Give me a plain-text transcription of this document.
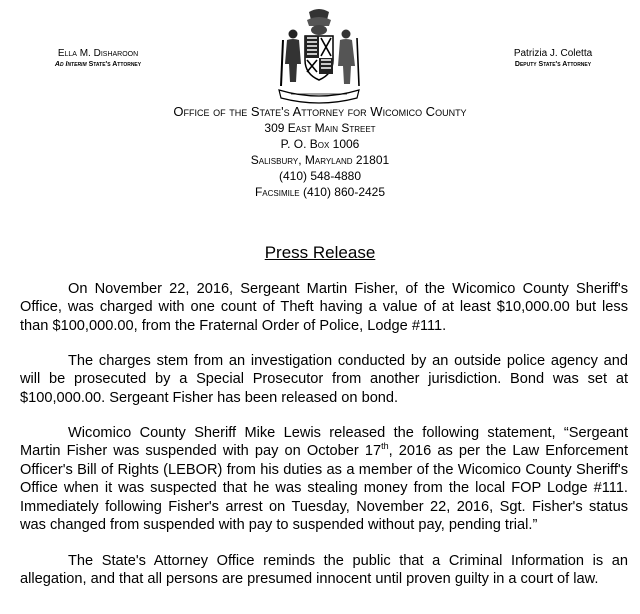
Ella M. Disharoon
Ad Interim State's Attorney
Patrizia J. Coletta
Deputy State's Attorney
Office of the State's Attorney for Wicomico County
309 East Main Street
P. O. Box 1006
Salisbury, Maryland 21801
(410) 548-4880
Facsimile (410) 860-2425
Press Release

On November 22, 2016, Sergeant Martin Fisher, of the Wicomico County Sheriff's Office, was charged with one count of Theft having a value of at least $10,000.00 but less than $100,000.00, from the Fraternal Order of Police, Lodge #111.

The charges stem from an investigation conducted by an outside police agency and will be prosecuted by a Special Prosecutor from another jurisdiction. Bond was set at $100,000.00. Sergeant Fisher has been released on bond.

Wicomico County Sheriff Mike Lewis released the following statement, “Sergeant Martin Fisher was suspended with pay on October 17th, 2016 as per the Law Enforcement Officer's Bill of Rights (LEBOR) from his duties as a member of the Wicomico County Sheriff's Office when it was suspected that he was stealing money from the local FOP Lodge #111. Immediately following Fisher's arrest on Tuesday, November 22, 2016, Sgt. Fisher's status was changed from suspended with pay to suspended without pay, pending trial.”

The State's Attorney Office reminds the public that a Criminal Information is an allegation, and that all persons are presumed innocent until proven guilty in a court of law.
